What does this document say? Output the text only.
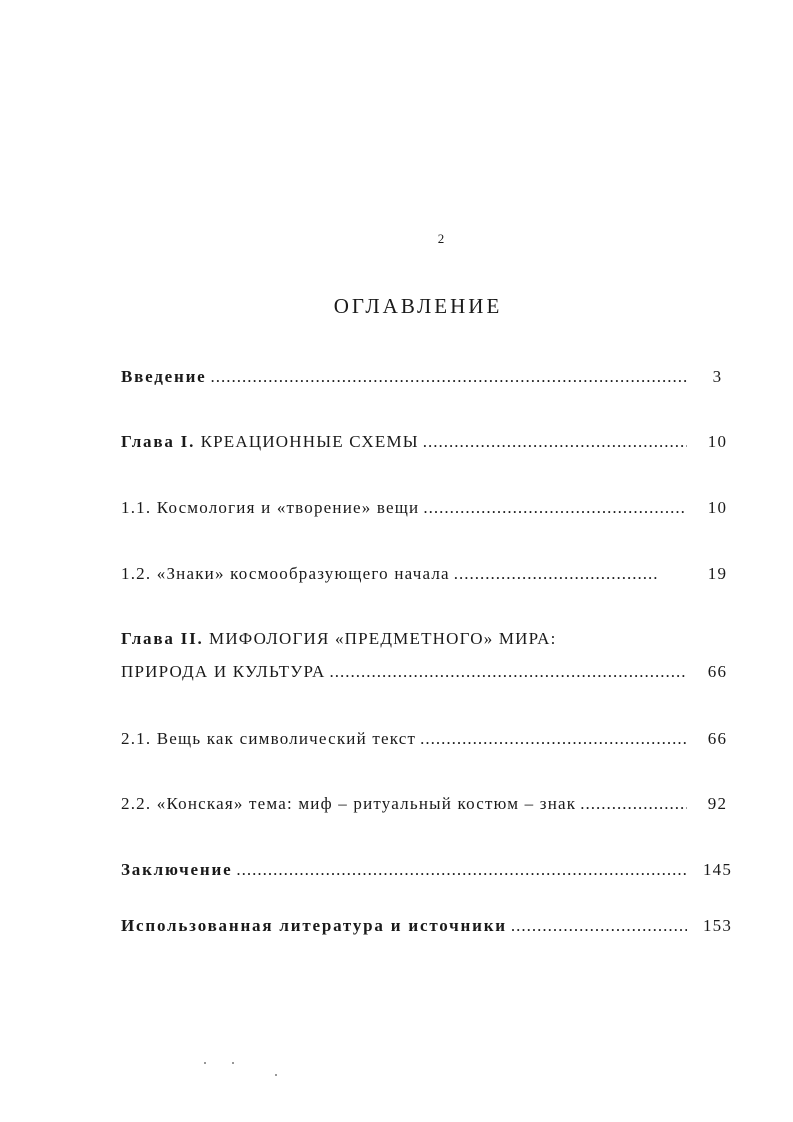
2
ОГЛАВЛЕНИЕ
Введение .....	3
Глава I. КРЕАЦИОННЫЕ СХЕМЫ .....	10
1.1. Космология и «творение» вещи .....	10
1.2. «Знаки» космообразующего начала .....	19
Глава II. МИФОЛОГИЯ «ПРЕДМЕТНОГО» МИРА:
ПРИРОДА И КУЛЬТУРА .....	66
2.1. Вещь как символический текст .....	66
2.2. «Конская» тема: миф – ритуальный костюм – знак .....	92
Заключение .....	145
Использованная литература и источники .....	153
